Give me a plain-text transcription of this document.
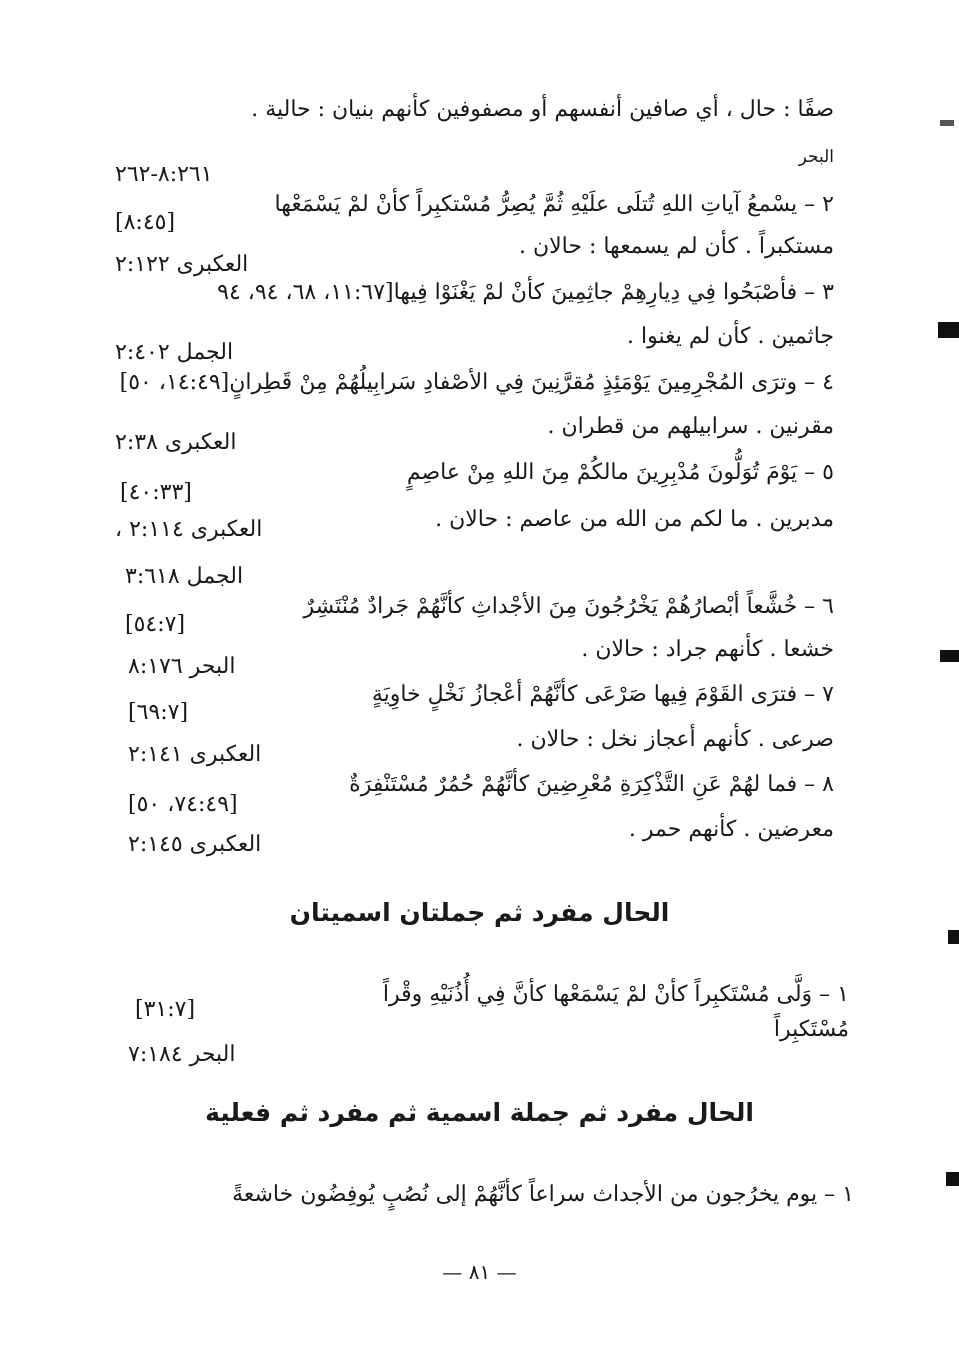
صفًا : حال ، أي صافين أنفسهم أو مصفوفين كأنهم بنيان : حالية .
البحر
٨:٢٦١-٢٦٢
٢ – يسْمعُ آياتِ اللهِ تُتلَى علَيْهِ ثُمَّ يُصِرُّ مُسْتكبِراً كأنْ لمْ يَسْمَعْها
[٨:٤٥]
مستكبراً . كأن لم يسمعها : حالان .
العكبرى ٢:١٢٢
٣ – فأصْبَحُوا فِي دِيارِهِمْ جاثِمِينَ كأنْ لمْ يَغْنَوْا فِيها[١١:٦٧، ٦٨، ٩٤، ٩٤
جاثمين . كأن لم يغنوا .
الجمل ٢:٤٠٢
٤ – وترَى المُجْرِمِينَ يَوْمَئِذٍ مُقرَّنِينَ فِي الأصْفادِ سَرابِيلُهُمْ مِنْ قَطِرانٍ[١٤:٤٩، ٥٠]
مقرنين . سرابيلهم من قطران .
العكبرى ٢:٣٨
٥ – يَوْمَ تُوَلُّونَ مُدْبِرِينَ مالكُمْ مِنَ اللهِ مِنْ عاصِمٍ
[٤٠:٣٣]
مدبرين . ما لكم من الله من عاصم : حالان .
العكبرى ٢:١١٤ ،
الجمل ٣:٦١٨
٦ – خُشَّعاً أبْصارُهُمْ يَخْرُجُونَ مِنَ الأجْداثِ كأنَّهُمْ جَرادٌ مُنْتَشِرٌ
[٥٤:٧]
خشعا . كأنهم جراد : حالان .
البحر ٨:١٧٦
٧ – فترَى القَوْمَ فِيها صَرْعَى كأنَّهُمْ أعْجازُ نَخْلٍ خاوِيَةٍ
[٦٩:٧]
صرعى . كأنهم أعجاز نخل : حالان .
العكبرى ٢:١٤١
٨ – فما لهُمْ عَنِ التَّذْكِرَةِ مُعْرِضِينَ كأنَّهُمْ حُمُرٌ مُسْتَنْفِرَةٌ
[٧٤:٤٩، ٥٠]
معرضين . كأنهم حمر .
العكبرى ٢:١٤٥
الحال مفرد ثم جملتان اسميتان
١ – وَلَّى مُسْتَكبِراً كأنْ لمْ يَسْمَعْها كأنَّ فِي أُذُنَيْهِ وقْراً
[٣١:٧]
مُسْتَكبِراً
البحر ٧:١٨٤
الحال مفرد ثم جملة اسمية ثم مفرد ثم فعلية
١ – يوم يخرُجون من الأجداث سراعاً كأنَّهُمْ إلى نُصُبٍ يُوفِضُون خاشعةً
— ٨١ —
